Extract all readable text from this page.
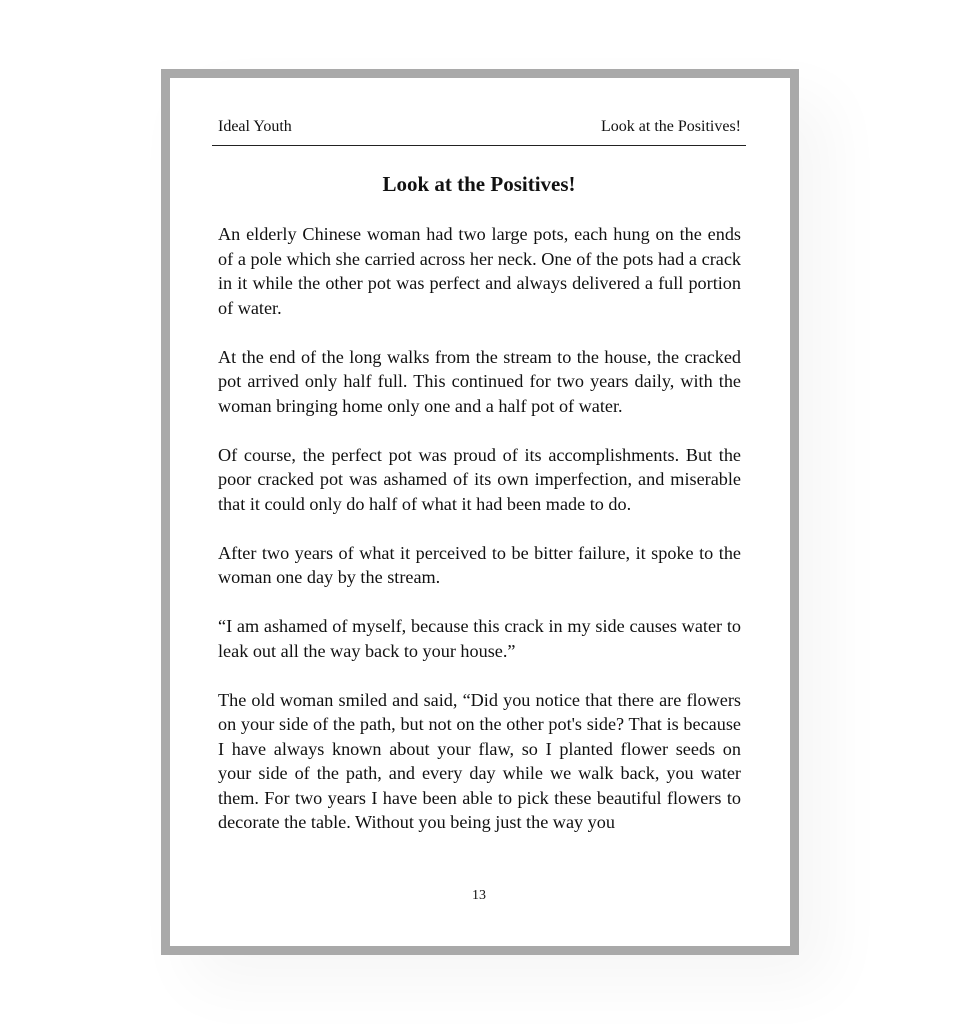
Ideal Youth	Look at the Positives!
Look at the Positives!

An elderly Chinese woman had two large pots, each hung on the ends of a pole which she carried across her neck. One of the pots had a crack in it while the other pot was perfect and always delivered a full portion of water.

At the end of the long walks from the stream to the house, the cracked pot arrived only half full. This continued for two years daily, with the woman bringing home only one and a half pot of water.

Of course, the perfect pot was proud of its accomplishments. But the poor cracked pot was ashamed of its own imperfection, and miserable that it could only do half of what it had been made to do.

After two years of what it perceived to be bitter failure, it spoke to the woman one day by the stream.

“I am ashamed of myself, because this crack in my side causes water to leak out all the way back to your house.”

The old woman smiled and said, “Did you notice that there are flowers on your side of the path, but not on the other pot's side? That is because I have always known about your flaw, so I planted flower seeds on your side of the path, and every day while we walk back, you water them. For two years I have been able to pick these beautiful flowers to decorate the table. Without you being just the way you

13
